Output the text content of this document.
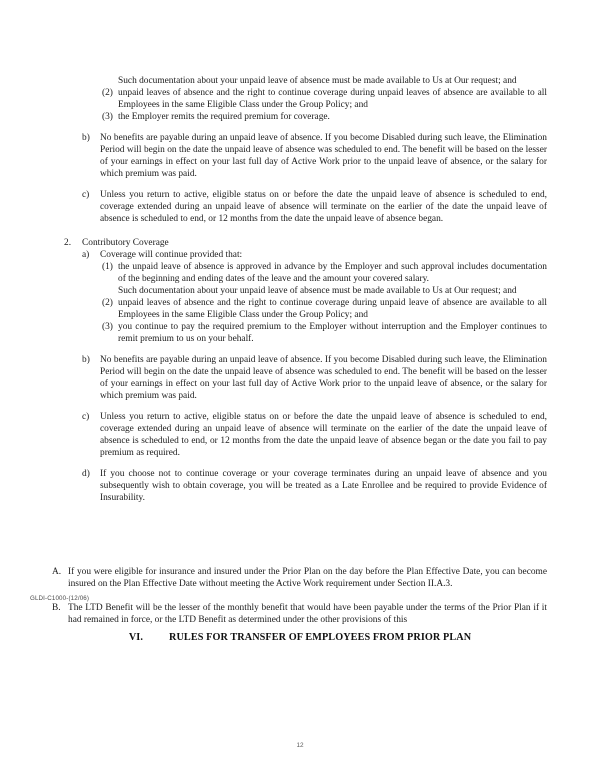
Such documentation about your unpaid leave of absence must be made available to Us at Our request; and
(2) unpaid leaves of absence and the right to continue coverage during unpaid leaves of absence are available to all Employees in the same Eligible Class under the Group Policy; and
(3) the Employer remits the required premium for coverage.
b)	No benefits are payable during an unpaid leave of absence. If you become Disabled during such leave, the Elimination Period will begin on the date the unpaid leave of absence was scheduled to end. The benefit will be based on the lesser of your earnings in effect on your last full day of Active Work prior to the unpaid leave of absence, or the salary for which premium was paid.
c)	Unless you return to active, eligible status on or before the date the unpaid leave of absence is scheduled to end, coverage extended during an unpaid leave of absence will terminate on the earlier of the date the unpaid leave of absence is scheduled to end, or 12 months from the date the unpaid leave of absence began.
2.	Contributory Coverage
a)	Coverage will continue provided that:
(1) the unpaid leave of absence is approved in advance by the Employer and such approval includes documentation of the beginning and ending dates of the leave and the amount your covered salary.
Such documentation about your unpaid leave of absence must be made available to Us at Our request; and
(2) unpaid leaves of absence and the right to continue coverage during unpaid leave of absence are available to all Employees in the same Eligible Class under the Group Policy; and
(3) you continue to pay the required premium to the Employer without interruption and the Employer continues to remit premium to us on your behalf.
b)	No benefits are payable during an unpaid leave of absence. If you become Disabled during such leave, the Elimination Period will begin on the date the unpaid leave of absence was scheduled to end. The benefit will be based on the lesser of your earnings in effect on your last full day of Active Work prior to the unpaid leave of absence, or the salary for which premium was paid.
c)	Unless you return to active, eligible status on or before the date the unpaid leave of absence is scheduled to end, coverage extended during an unpaid leave of absence will terminate on the earlier of the date the unpaid leave of absence is scheduled to end, or 12 months from the date the unpaid leave of absence began or the date you fail to pay premium as required.
d)	If you choose not to continue coverage or your coverage terminates during an unpaid leave of absence and you subsequently wish to obtain coverage, you will be treated as a Late Enrollee and be required to provide Evidence of Insurability.
A. If you were eligible for insurance and insured under the Prior Plan on the day before the Plan Effective Date, you can become insured on the Plan Effective Date without meeting the Active Work requirement under Section II.A.3.
B. The LTD Benefit will be the lesser of the monthly benefit that would have been payable under the terms of the Prior Plan if it had remained in force, or the LTD Benefit as determined under the other provisions of this
GLDI-C1000-(12/06)
VI.	RULES FOR TRANSFER OF EMPLOYEES FROM PRIOR PLAN
12
